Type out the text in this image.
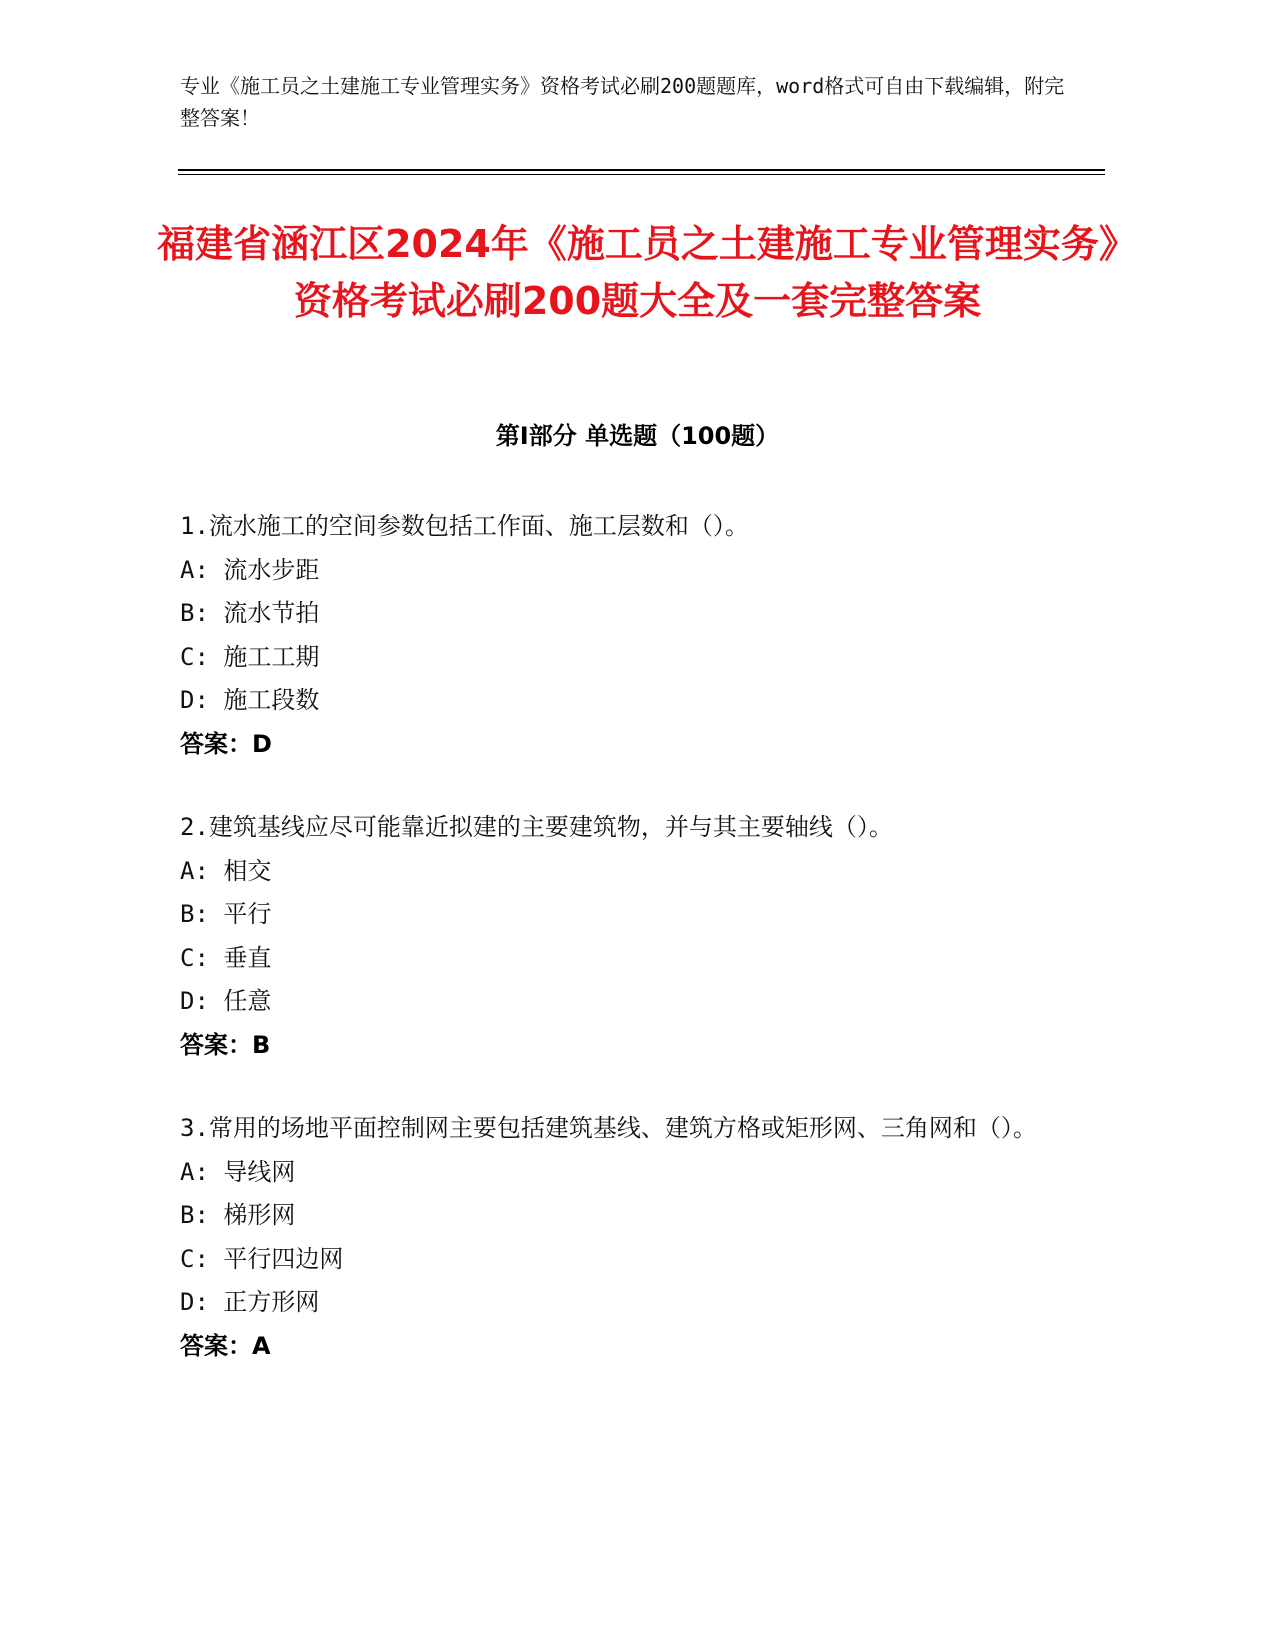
专业《施工员之土建施工专业管理实务》资格考试必刷200题题库，word格式可自由下载编辑，附完整答案！
福建省涵江区2024年《施工员之土建施工专业管理实务》资格考试必刷200题大全及一套完整答案
第Ⅰ部分 单选题（100题）
1.流水施工的空间参数包括工作面、施工层数和（）。
A: 流水步距
B: 流水节拍
C: 施工工期
D: 施工段数
答案：D
2.建筑基线应尽可能靠近拟建的主要建筑物，并与其主要轴线（）。
A: 相交
B: 平行
C: 垂直
D: 任意
答案：B
3.常用的场地平面控制网主要包括建筑基线、建筑方格或矩形网、三角网和（）。
A: 导线网
B: 梯形网
C: 平行四边网
D: 正方形网
答案：A
